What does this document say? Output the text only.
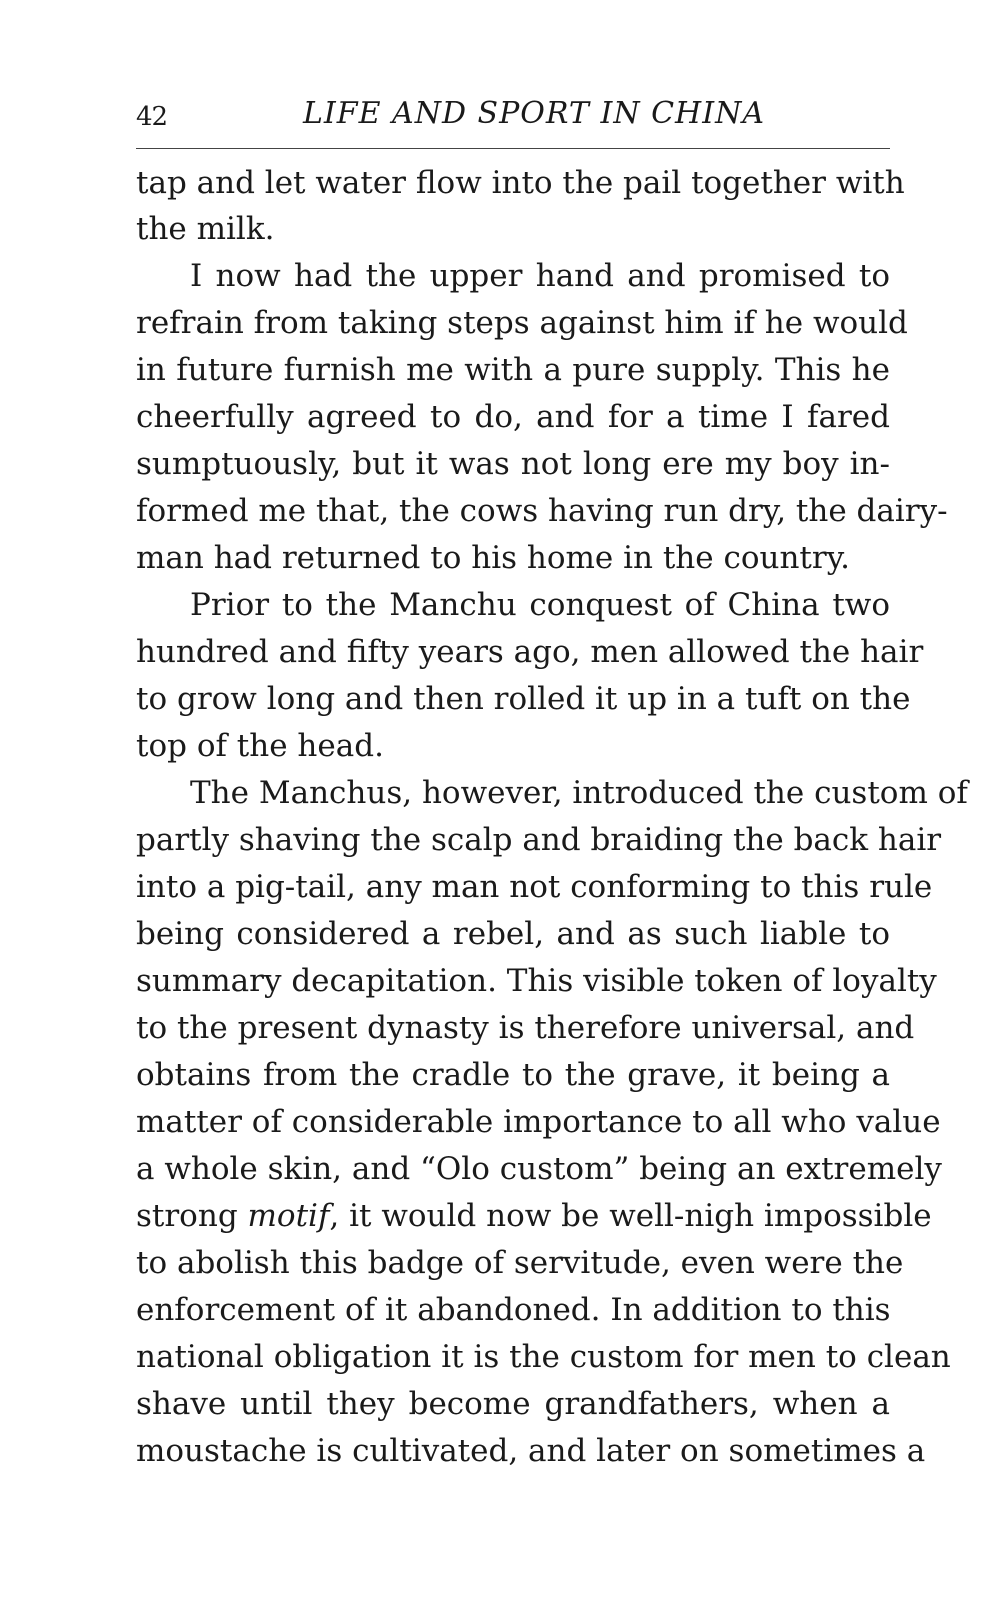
42	LIFE AND SPORT IN CHINA
tap and let water flow into the pail together with
the milk.
I now had the upper hand and promised to
refrain from taking steps against him if he would
in future furnish me with a pure supply. This he
cheerfully agreed to do, and for a time I fared
sumptuously, but it was not long ere my boy in-
formed me that, the cows having run dry, the dairy-
man had returned to his home in the country.
Prior to the Manchu conquest of China two
hundred and fifty years ago, men allowed the hair
to grow long and then rolled it up in a tuft on the
top of the head.
The Manchus, however, introduced the custom of
partly shaving the scalp and braiding the back hair
into a pig-tail, any man not conforming to this rule
being considered a rebel, and as such liable to
summary decapitation. This visible token of loyalty
to the present dynasty is therefore universal, and
obtains from the cradle to the grave, it being a
matter of considerable importance to all who value
a whole skin, and “Olo custom” being an extremely
strong motif, it would now be well-nigh impossible
to abolish this badge of servitude, even were the
enforcement of it abandoned. In addition to this
national obligation it is the custom for men to clean
shave until they become grandfathers, when a
moustache is cultivated, and later on sometimes a
